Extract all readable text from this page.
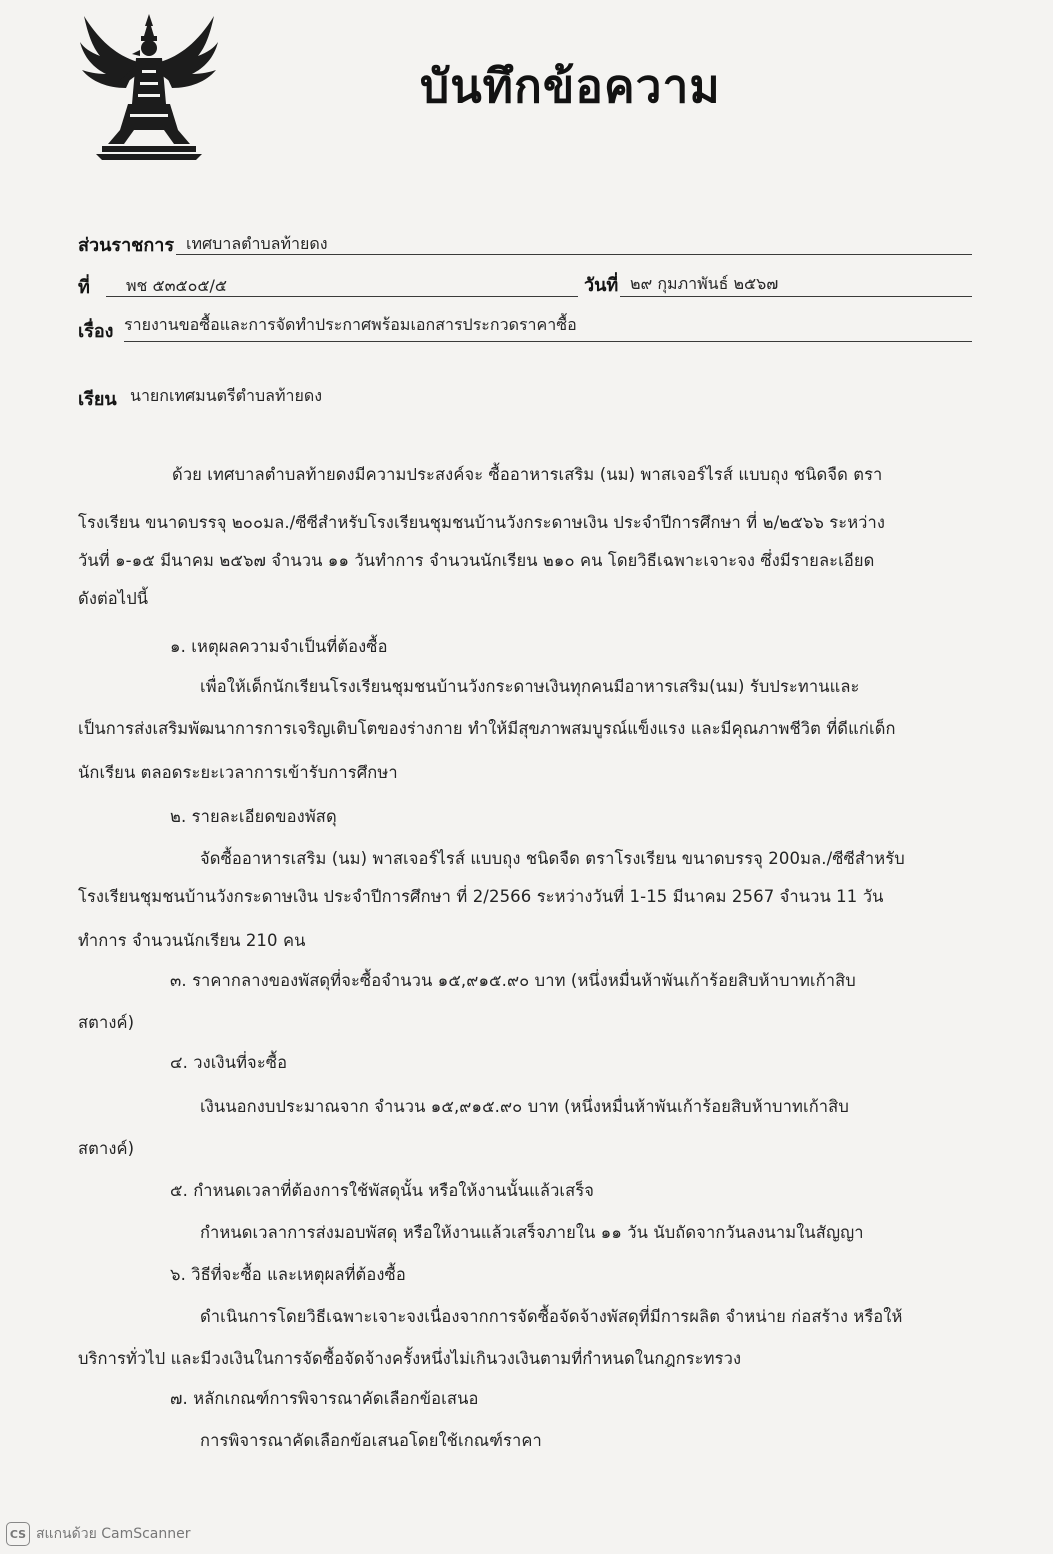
บันทึกข้อความ
ส่วนราชการ เทศบาลตำบลท้ายดง
ที่ พช ๕๓๕๐๕/๕	วันที่ ๒๙ กุมภาพันธ์ ๒๕๖๗
เรื่อง รายงานขอซื้อและการจัดทำประกาศพร้อมเอกสารประกวดราคาซื้อ
เรียน นายกเทศมนตรีตำบลท้ายดง
ด้วย เทศบาลตำบลท้ายดงมีความประสงค์จะ ซื้ออาหารเสริม (นม) พาสเจอร์ไรส์ แบบถุง ชนิดจืด ตรา
โรงเรียน ขนาดบรรจุ ๒๐๐มล./ซีซีสำหรับโรงเรียนชุมชนบ้านวังกระดาษเงิน ประจำปีการศึกษา ที่ ๒/๒๕๖๖ ระหว่าง
วันที่ ๑-๑๕ มีนาคม ๒๕๖๗ จำนวน ๑๑ วันทำการ จำนวนนักเรียน ๒๑๐ คน โดยวิธีเฉพาะเจาะจง ซึ่งมีรายละเอียด
ดังต่อไปนี้
๑. เหตุผลความจำเป็นที่ต้องซื้อ
เพื่อให้เด็กนักเรียนโรงเรียนชุมชนบ้านวังกระดาษเงินทุกคนมีอาหารเสริม(นม) รับประทานและ
เป็นการส่งเสริมพัฒนาการการเจริญเติบโตของร่างกาย ทำให้มีสุขภาพสมบูรณ์แข็งแรง และมีคุณภาพชีวิต ที่ดีแก่เด็ก
นักเรียน ตลอดระยะเวลาการเข้ารับการศึกษา
๒. รายละเอียดของพัสดุ
จัดซื้ออาหารเสริม (นม) พาสเจอร์ไรส์ แบบถุง ชนิดจืด ตราโรงเรียน ขนาดบรรจุ 200มล./ซีซีสำหรับ
โรงเรียนชุมชนบ้านวังกระดาษเงิน ประจำปีการศึกษา ที่ 2/2566 ระหว่างวันที่ 1-15 มีนาคม 2567 จำนวน 11 วัน
ทำการ จำนวนนักเรียน 210 คน
๓. ราคากลางของพัสดุที่จะซื้อจำนวน ๑๕,๙๑๕.๙๐ บาท (หนึ่งหมื่นห้าพันเก้าร้อยสิบห้าบาทเก้าสิบ
สตางค์)
๔. วงเงินที่จะซื้อ
เงินนอกงบประมาณจาก จำนวน ๑๕,๙๑๕.๙๐ บาท (หนึ่งหมื่นห้าพันเก้าร้อยสิบห้าบาทเก้าสิบ
สตางค์)
๕. กำหนดเวลาที่ต้องการใช้พัสดุนั้น หรือให้งานนั้นแล้วเสร็จ
กำหนดเวลาการส่งมอบพัสดุ หรือให้งานแล้วเสร็จภายใน ๑๑ วัน นับถัดจากวันลงนามในสัญญา
๖. วิธีที่จะซื้อ และเหตุผลที่ต้องซื้อ
ดำเนินการโดยวิธีเฉพาะเจาะจงเนื่องจากการจัดซื้อจัดจ้างพัสดุที่มีการผลิต จำหน่าย ก่อสร้าง หรือให้
บริการทั่วไป และมีวงเงินในการจัดซื้อจัดจ้างครั้งหนึ่งไม่เกินวงเงินตามที่กำหนดในกฎกระทรวง
๗. หลักเกณฑ์การพิจารณาคัดเลือกข้อเสนอ
การพิจารณาคัดเลือกข้อเสนอโดยใช้เกณฑ์ราคา
CS สแกนด้วย CamScanner
